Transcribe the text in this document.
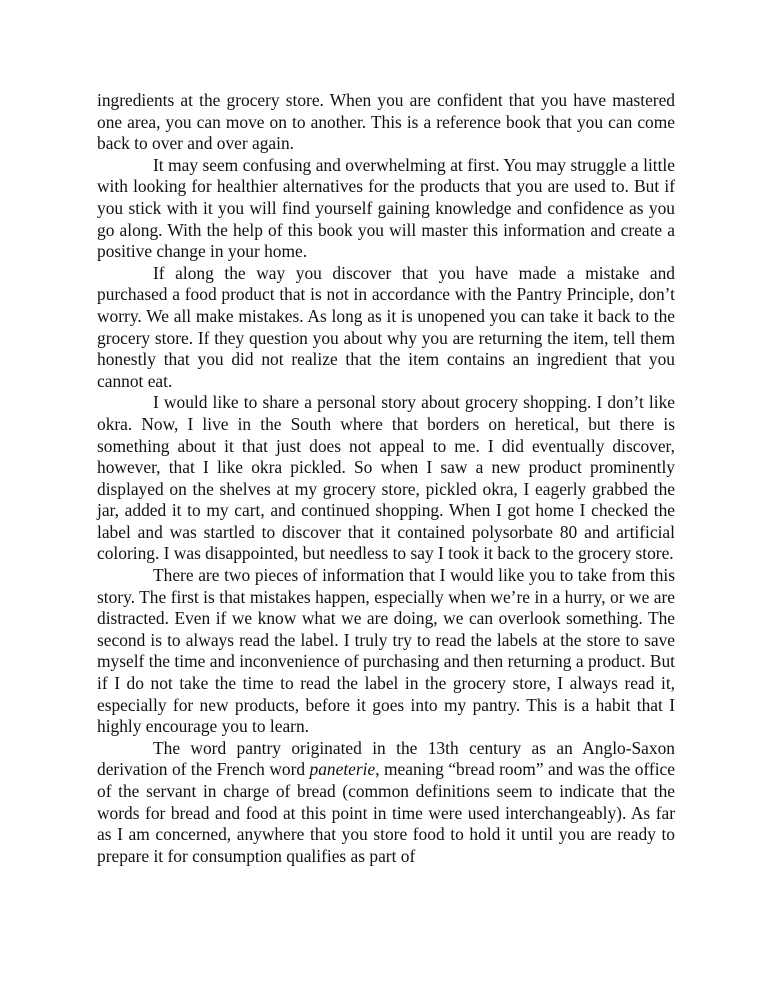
ingredients at the grocery store. When you are confident that you have mastered one area, you can move on to another. This is a reference book that you can come back to over and over again.

It may seem confusing and overwhelming at first. You may struggle a little with looking for healthier alternatives for the products that you are used to. But if you stick with it you will find yourself gaining knowledge and confidence as you go along. With the help of this book you will master this information and create a positive change in your home.

If along the way you discover that you have made a mistake and purchased a food product that is not in accordance with the Pantry Principle, don’t worry. We all make mistakes. As long as it is unopened you can take it back to the grocery store. If they question you about why you are returning the item, tell them honestly that you did not realize that the item contains an ingredient that you cannot eat.

I would like to share a personal story about grocery shopping. I don’t like okra. Now, I live in the South where that borders on heretical, but there is something about it that just does not appeal to me. I did eventually discover, however, that I like okra pickled. So when I saw a new product prominently displayed on the shelves at my grocery store, pickled okra, I eagerly grabbed the jar, added it to my cart, and continued shopping. When I got home I checked the label and was startled to discover that it contained polysorbate 80 and artificial coloring. I was disappointed, but needless to say I took it back to the grocery store.

There are two pieces of information that I would like you to take from this story. The first is that mistakes happen, especially when we’re in a hurry, or we are distracted. Even if we know what we are doing, we can overlook something. The second is to always read the label. I truly try to read the labels at the store to save myself the time and inconvenience of purchasing and then returning a product. But if I do not take the time to read the label in the grocery store, I always read it, especially for new products, before it goes into my pantry. This is a habit that I highly encourage you to learn.

The word pantry originated in the 13th century as an Anglo-Saxon derivation of the French word paneterie, meaning “bread room” and was the office of the servant in charge of bread (common definitions seem to indicate that the words for bread and food at this point in time were used interchangeably). As far as I am concerned, anywhere that you store food to hold it until you are ready to prepare it for consumption qualifies as part of
